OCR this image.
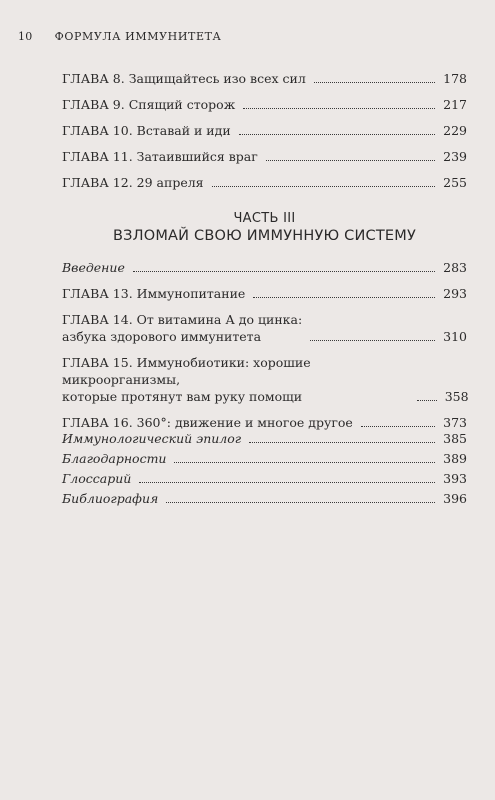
10 ФОРМУЛА ИММУНИТЕТА
ГЛАВА 8. Защищайтесь изо всех сил	178
ГЛАВА 9. Спящий сторож	217
ГЛАВА 10. Вставай и иди	229
ГЛАВА 11. Затаившийся враг	239
ГЛАВА 12. 29 апреля	255
ЧАСТЬ III
ВЗЛОМАЙ СВОЮ ИММУННУЮ СИСТЕМУ
Введение	283
ГЛАВА 13. Иммунопитание	293
ГЛАВА 14. От витамина А до цинка:
азбука здорового иммунитета	310
ГЛАВА 15. Иммунобиотики: хорошие микроорганизмы,
которые протянут вам руку помощи	358
ГЛАВА 16. 360°: движение и многое другое	373
Иммунологический эпилог	385
Благодарности	389
Глоссарий	393
Библиография	396
